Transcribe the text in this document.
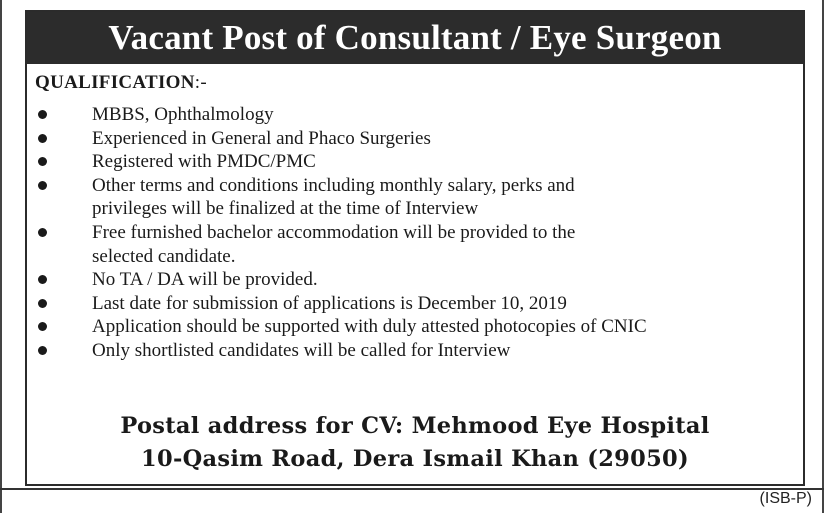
Vacant Post of Consultant / Eye Surgeon
QUALIFICATION:-
MBBS, Ophthalmology
Experienced in General and Phaco Surgeries
Registered with PMDC/PMC
Other terms and conditions including monthly salary, perks and
privileges will be finalized at the time of Interview
Free furnished bachelor accommodation will be provided to the
selected candidate.
No TA / DA will be provided.
Last date for submission of applications is December 10, 2019
Application should be supported with duly attested photocopies of CNIC
Only shortlisted candidates will be called for Interview
Postal address for CV: Mehmood Eye Hospital
10-Qasim Road, Dera Ismail Khan (29050)
(ISB-P)
